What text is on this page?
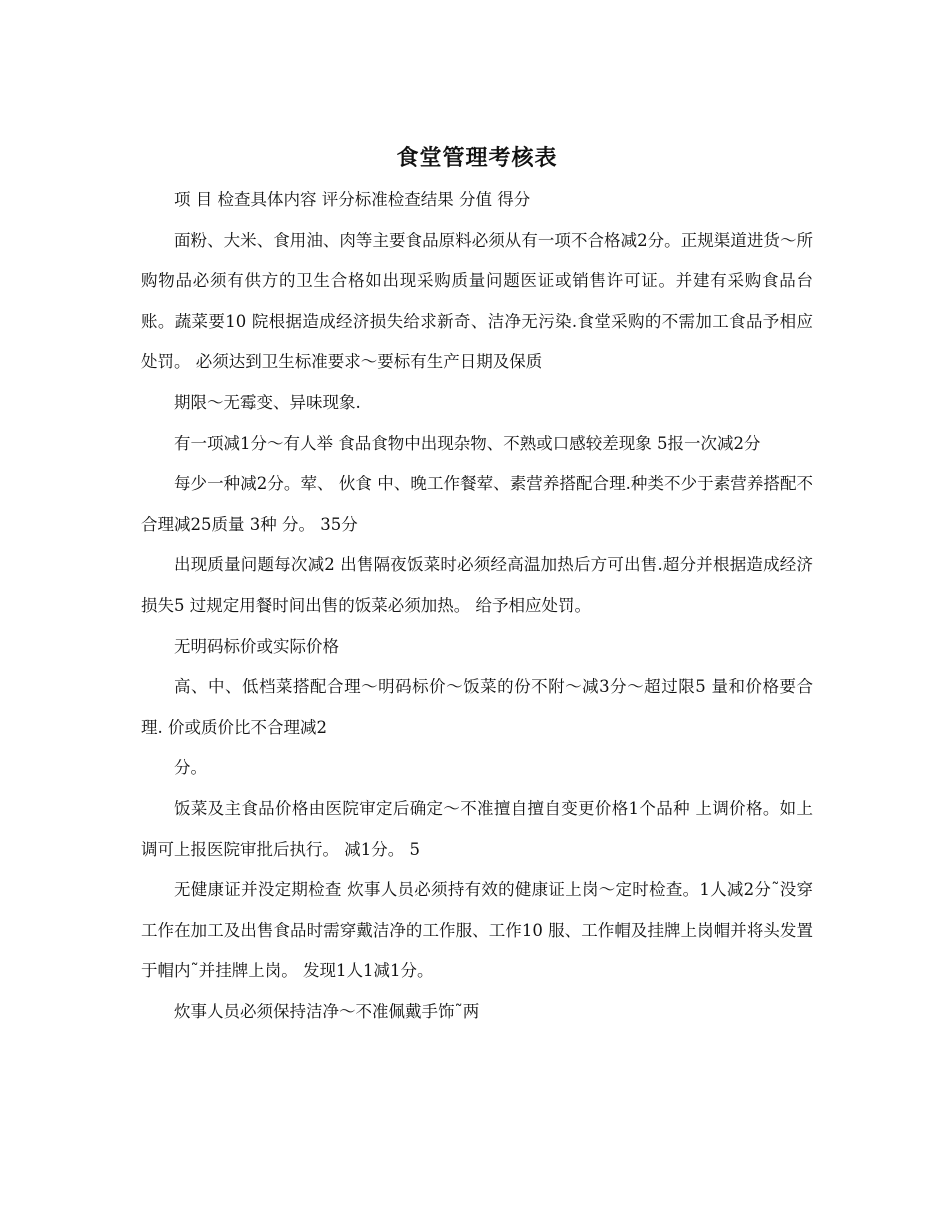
食堂管理考核表

项 目 检查具体内容 评分标准检查结果 分值 得分

面粉、大米、食用油、肉等主要食品原料必须从有一项不合格减2分。正规渠道进货～所购物品必须有供方的卫生合格如出现采购质量问题医证或销售许可证。并建有采购食品台账。蔬菜要10 院根据造成经济损失给求新奇、洁净无污染.食堂采购的不需加工食品予相应处罚。 必须达到卫生标准要求～要标有生产日期及保质

期限～无霉变、异味现象.

有一项减1分～有人举 食品食物中出现杂物、不熟或口感较差现象 5报一次减2分

每少一种减2分。荤、 伙食 中、晚工作餐荤、素营养搭配合理.种类不少于素营养搭配不合理减25质量 3种 分。 35分

出现质量问题每次减2 出售隔夜饭菜时必须经高温加热后方可出售.超分并根据造成经济损失5 过规定用餐时间出售的饭菜必须加热。 给予相应处罚。

无明码标价或实际价格

高、中、低档菜搭配合理～明码标价～饭菜的份不附～减3分～超过限5 量和价格要合理. 价或质价比不合理减2

分。

饭菜及主食品价格由医院审定后确定～不准擅自擅自变更价格1个品种 上调价格。如上调可上报医院审批后执行。 减1分。 5

无健康证并没定期检查 炊事人员必须持有效的健康证上岗～定时检查。1人减2分˜没穿工作在加工及出售食品时需穿戴洁净的工作服、工作10 服、工作帽及挂牌上岗帽并将头发置于帽内˜并挂牌上岗。 发现1人1减1分。

炊事人员必须保持洁净～不准佩戴手饰˜两
